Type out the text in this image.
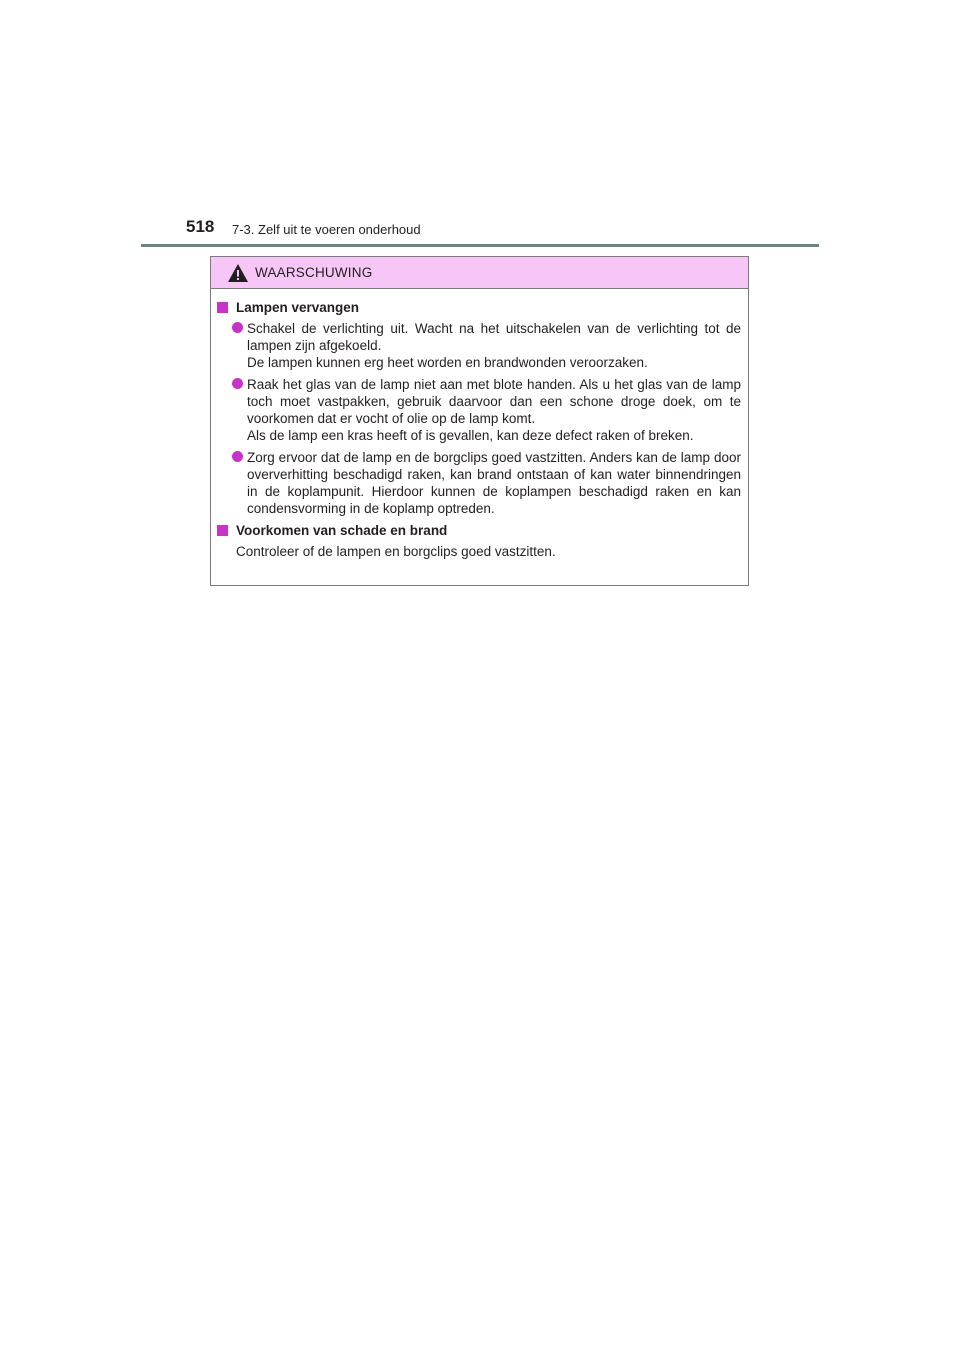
518 7-3. Zelf uit te voeren onderhoud
WAARSCHUWING
Lampen vervangen
Schakel de verlichting uit. Wacht na het uitschakelen van de verlichting tot de lampen zijn afgekoeld.
De lampen kunnen erg heet worden en brandwonden veroorzaken.
Raak het glas van de lamp niet aan met blote handen. Als u het glas van de lamp toch moet vastpakken, gebruik daarvoor dan een schone droge doek, om te voorkomen dat er vocht of olie op de lamp komt.
Als de lamp een kras heeft of is gevallen, kan deze defect raken of breken.
Zorg ervoor dat de lamp en de borgclips goed vastzitten. Anders kan de lamp door oververhitting beschadigd raken, kan brand ontstaan of kan water binnendringen in de koplampunit. Hierdoor kunnen de koplampen beschadigd raken en kan condensvorming in de koplamp optreden.
Voorkomen van schade en brand
Controleer of de lampen en borgclips goed vastzitten.
